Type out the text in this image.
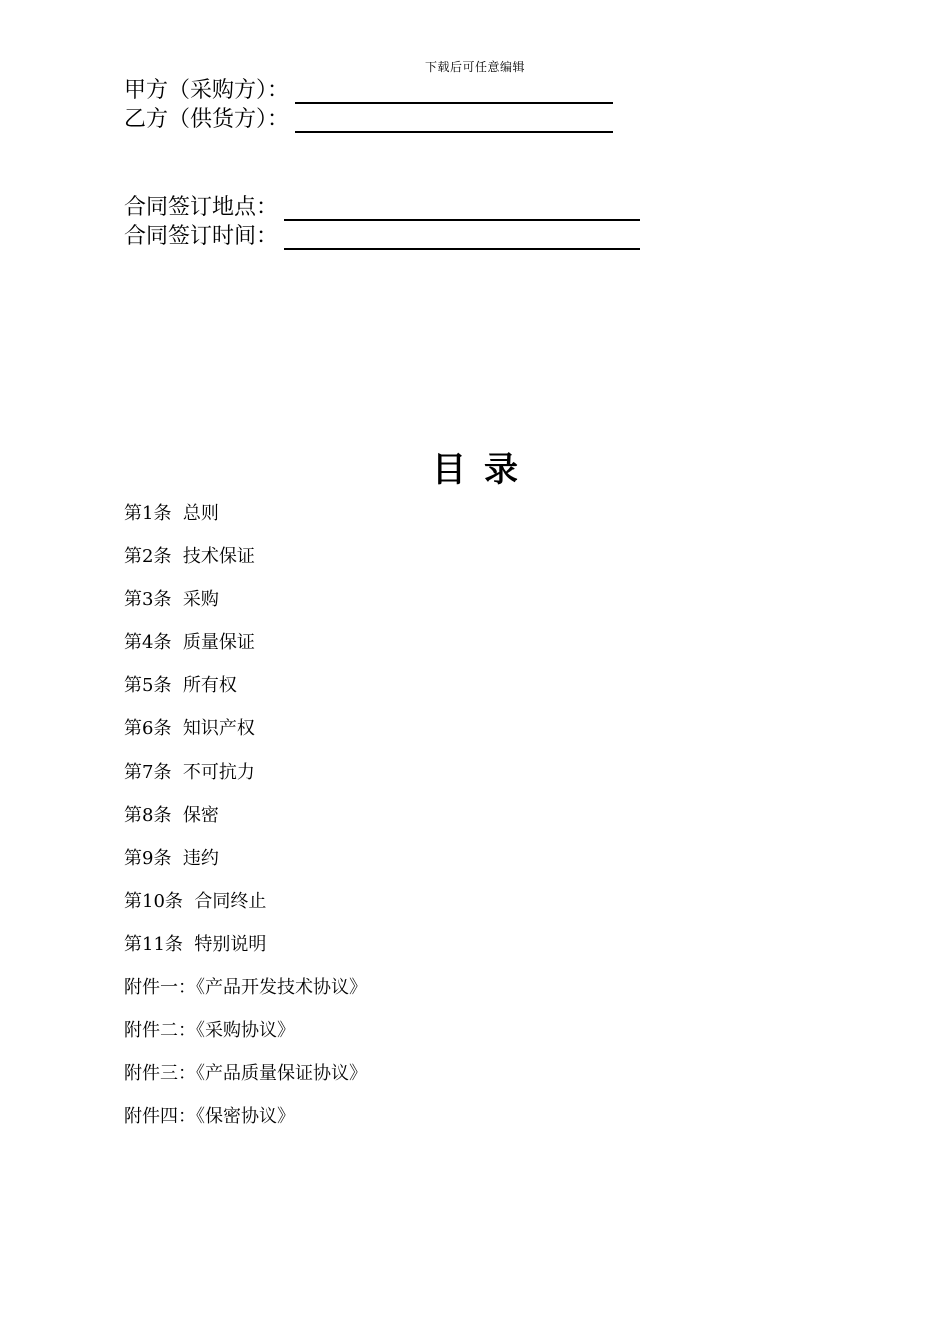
下载后可任意编辑
甲方（采购方）：
乙方（供货方）：
合同签订地点：
合同签订时间：
目录
第1条  总则
第2条  技术保证
第3条  采购
第4条  质量保证
第5条  所有权
第6条  知识产权
第7条  不可抗力
第8条  保密
第9条  违约
第10条  合同终止
第11条  特别说明
附件一：《产品开发技术协议》
附件二：《采购协议》
附件三：《产品质量保证协议》
附件四：《保密协议》
